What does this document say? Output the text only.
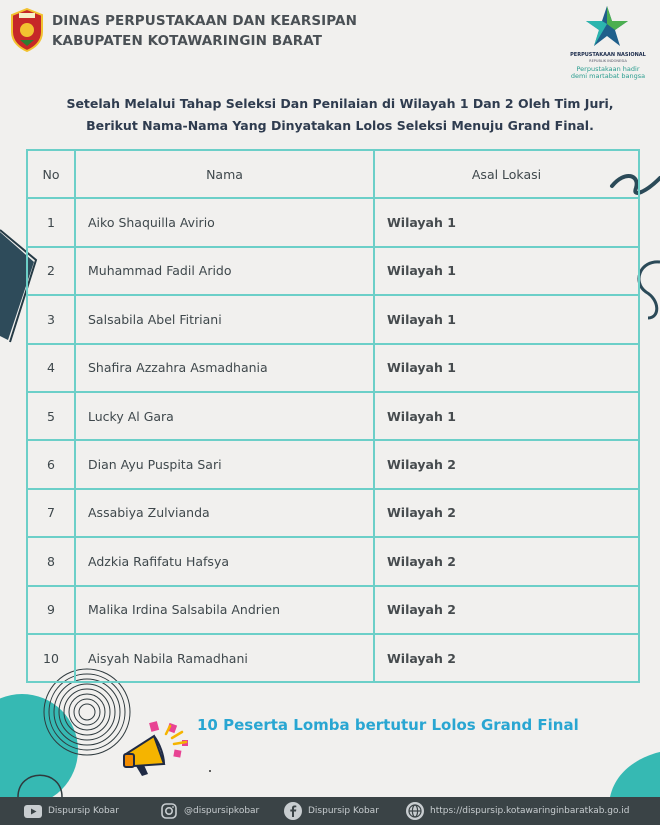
DINAS PERPUSTAKAAN DAN KEARSIPAN
KABUPATEN KOTAWARINGIN BARAT
PERPUSTAKAAN NASIONAL
REPUBLIK INDONESIA
Perpustakaan hadir
demi martabat bangsa
Setelah Melalui Tahap Seleksi Dan Penilaian di Wilayah 1 Dan 2 Oleh Tim Juri,
Berikut Nama-Nama Yang Dinyatakan Lolos Seleksi Menuju Grand Final.
No	Nama	Asal Lokasi
1	Aiko Shaquilla Avirio	Wilayah 1
2	Muhammad Fadil Arido	Wilayah 1
3	Salsabila Abel Fitriani	Wilayah 1
4	Shafira Azzahra Asmadhania	Wilayah 1
5	Lucky Al Gara	Wilayah 1
6	Dian Ayu Puspita Sari	Wilayah 2
7	Assabiya Zulvianda	Wilayah 2
8	Adzkia Rafifatu Hafsya	Wilayah 2
9	Malika Irdina Salsabila Andrien	Wilayah 2
10	Aisyah Nabila Ramadhani	Wilayah 2
10 Peserta Lomba bertutur Lolos Grand Final
Dispursip Kobar	@dispursipkobar	Dispursip Kobar	https://dispursip.kotawaringinbaratkab.go.id
